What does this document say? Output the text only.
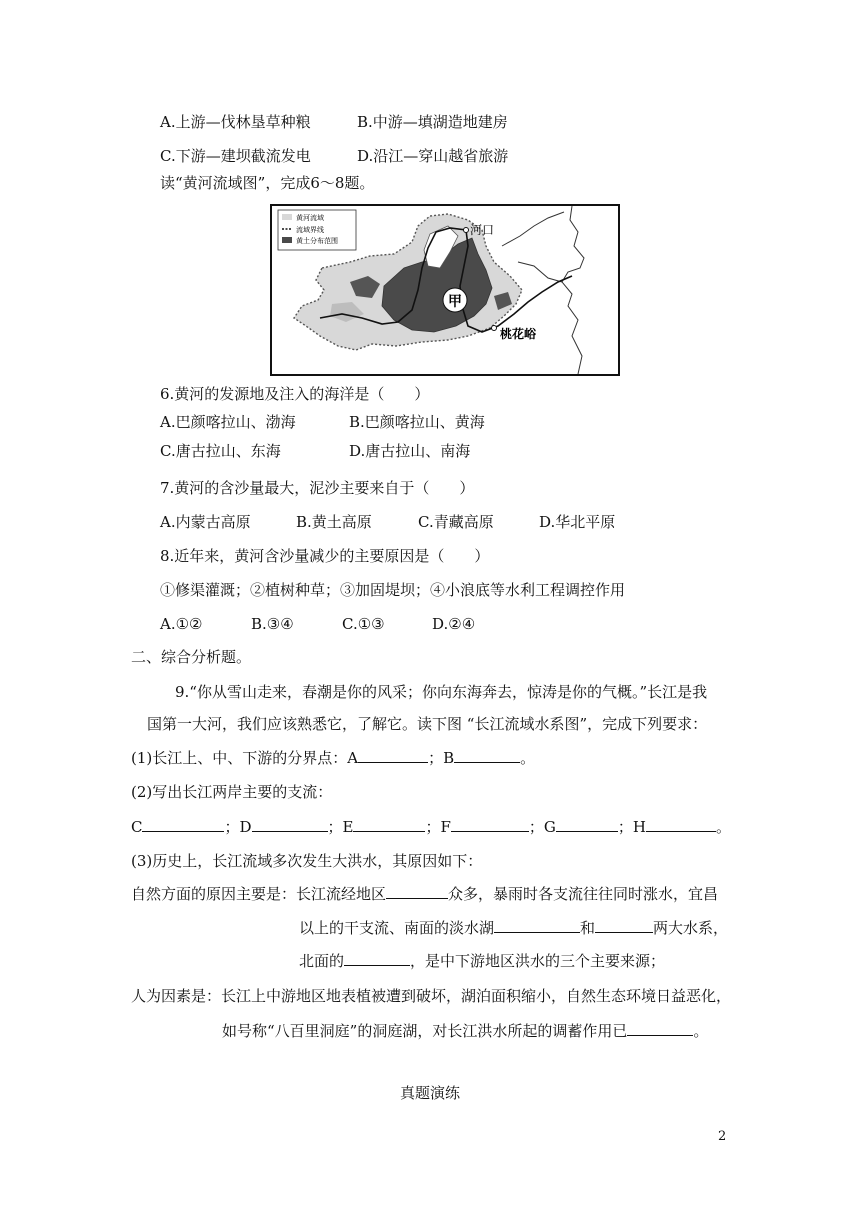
A.上游—伐林垦草种粮	B.中游—填湖造地建房
C.下游—建坝截流发电	D.沿江—穿山越省旅游
读“黄河流域图”，完成6～8题。
黄河流域
流域界线
黄土分布范围
甲
河口
桃花峪
6.黄河的发源地及注入的海洋是（　　）
A.巴颜喀拉山、渤海	B.巴颜喀拉山、黄海
C.唐古拉山、东海	D.唐古拉山、南海
7.黄河的含沙量最大，泥沙主要来自于（　　）
A.内蒙古高原	B.黄土高原	C.青藏高原	D.华北平原
8.近年来，黄河含沙量减少的主要原因是（　　）
①修渠灌溉；②植树种草；③加固堤坝；④小浪底等水利工程调控作用
A.①②	B.③④	C.①③	D.②④
二、综合分析题。
9.“你从雪山走来，春潮是你的风采；你向东海奔去，惊涛是你的气概。”长江是我
国第一大河，我们应该熟悉它，了解它。读下图 “长江流域水系图”，完成下列要求：
(1)长江上、中、下游的分界点：A	；B	。
(2)写出长江两岸主要的支流：
C	；D	；E	；F	；G	；H	。
(3)历史上，长江流域多次发生大洪水，其原因如下：
自然方面的原因主要是：长江流经地区	众多，暴雨时各支流往往同时涨水，宜昌
以上的干支流、南面的淡水湖	和	两大水系，
北面的	，是中下游地区洪水的三个主要来源；
人为因素是：长江上中游地区地表植被遭到破坏，湖泊面积缩小，自然生态环境日益恶化，
如号称“八百里洞庭”的洞庭湖，对长江洪水所起的调蓄作用已	。
真题演练
2
